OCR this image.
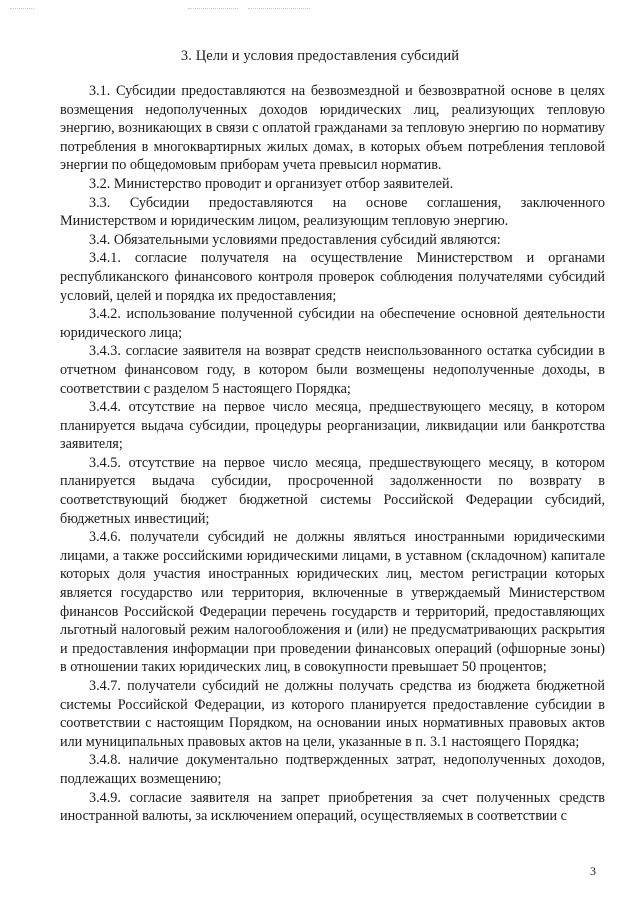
3. Цели и условия предоставления субсидий

3.1. Субсидии предоставляются на безвозмездной и безвозвратной основе в целях возмещения недополученных доходов юридических лиц, реализующих тепловую энергию, возникающих в связи с оплатой гражданами за тепловую энергию по нормативу потребления в многоквартирных жилых домах, в которых объем потребления тепловой энергии по общедомовым приборам учета превысил норматив.

3.2. Министерство проводит и организует отбор заявителей.

3.3. Субсидии предоставляются на основе соглашения, заключенного Министерством и юридическим лицом, реализующим тепловую энергию.

3.4. Обязательными условиями предоставления субсидий являются:

3.4.1. согласие получателя на осуществление Министерством и органами республиканского финансового контроля проверок соблюдения получателями субсидий условий, целей и порядка их предоставления;

3.4.2. использование полученной субсидии на обеспечение основной деятельности юридического лица;

3.4.3. согласие заявителя на возврат средств неиспользованного остатка субсидии в отчетном финансовом году, в котором были возмещены недополученные доходы, в соответствии с разделом 5 настоящего Порядка;

3.4.4. отсутствие на первое число месяца, предшествующего месяцу, в котором планируется выдача субсидии, процедуры реорганизации, ликвидации или банкротства заявителя;

3.4.5. отсутствие на первое число месяца, предшествующего месяцу, в котором планируется выдача субсидии, просроченной задолженности по возврату в соответствующий бюджет бюджетной системы Российской Федерации субсидий, бюджетных инвестиций;

3.4.6. получатели субсидий не должны являться иностранными юридическими лицами, а также российскими юридическими лицами, в уставном (складочном) капитале которых доля участия иностранных юридических лиц, местом регистрации которых является государство или территория, включенные в утверждаемый Министерством финансов Российской Федерации перечень государств и территорий, предоставляющих льготный налоговый режим налогообложения и (или) не предусматривающих раскрытия и предоставления информации при проведении финансовых операций (офшорные зоны) в отношении таких юридических лиц, в совокупности превышает 50 процентов;

3.4.7. получатели субсидий не должны получать средства из бюджета бюджетной системы Российской Федерации, из которого планируется предоставление субсидии в соответствии с настоящим Порядком, на основании иных нормативных правовых актов или муниципальных правовых актов на цели, указанные в п. 3.1 настоящего Порядка;

3.4.8. наличие документально подтвержденных затрат, недополученных доходов, подлежащих возмещению;

3.4.9. согласие заявителя на запрет приобретения за счет полученных средств иностранной валюты, за исключением операций, осуществляемых в соответствии с

3
